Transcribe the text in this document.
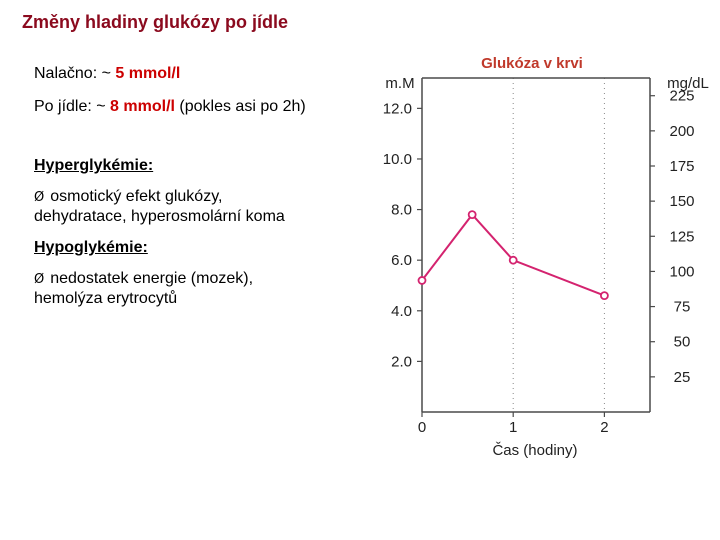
Změny hladiny glukózy po jídle
Nalačno: ~ 5 mmol/l
Po jídle: ~ 8 mmol/l (pokles asi po 2h)
Hyperglykémie:
Ø osmotický efekt glukózy,
dehydratace, hyperosmolární koma
Hypoglykémie:
Ø nedostatek energie (mozek),
hemolýza erytrocytů
Glukóza v krvi
m.M	mg/dL
Čas (hodiny)
2.0
4.0
6.0
8.0
10.0
12.0
25
50
75
100
125
150
175
200
225
0	1	2
